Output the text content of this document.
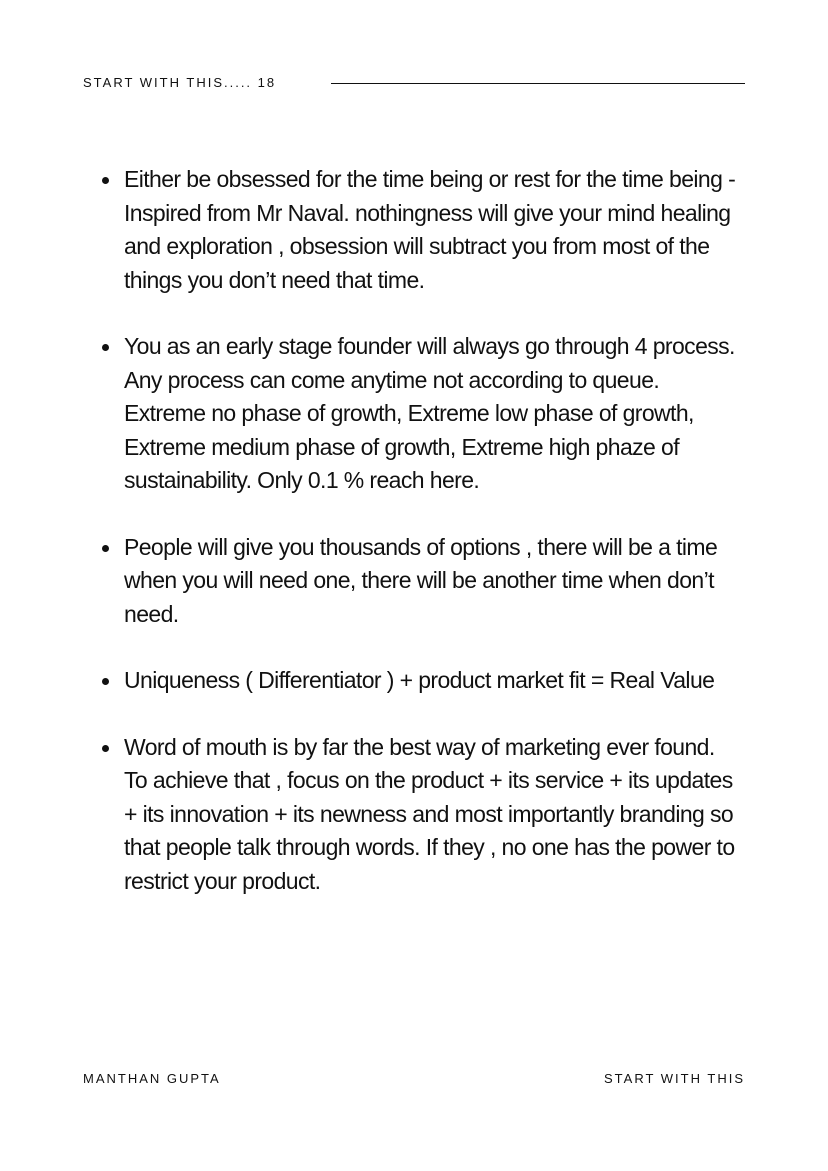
START WITH THIS..... 18
Either be obsessed for the time being or rest for the time being - Inspired from Mr Naval. nothingness will give your mind healing and exploration , obsession will subtract you from most of the things you don’t need that time.
You as an early stage founder will always go through 4 process. Any process can come anytime not according to queue. Extreme no phase of growth, Extreme low phase of growth, Extreme medium phase of growth, Extreme high phaze of sustainability. Only 0.1 % reach here.
People will give you thousands of options , there will be a time when you will need one, there will be another time when don’t need.
Uniqueness ( Differentiator ) + product market fit = Real Value
Word of mouth is by far the best way of marketing ever found. To achieve that , focus on the product + its service + its updates + its innovation + its newness and most importantly branding so that people talk through words. If they , no one has the power to restrict your product.
MANTHAN GUPTA	START WITH THIS
